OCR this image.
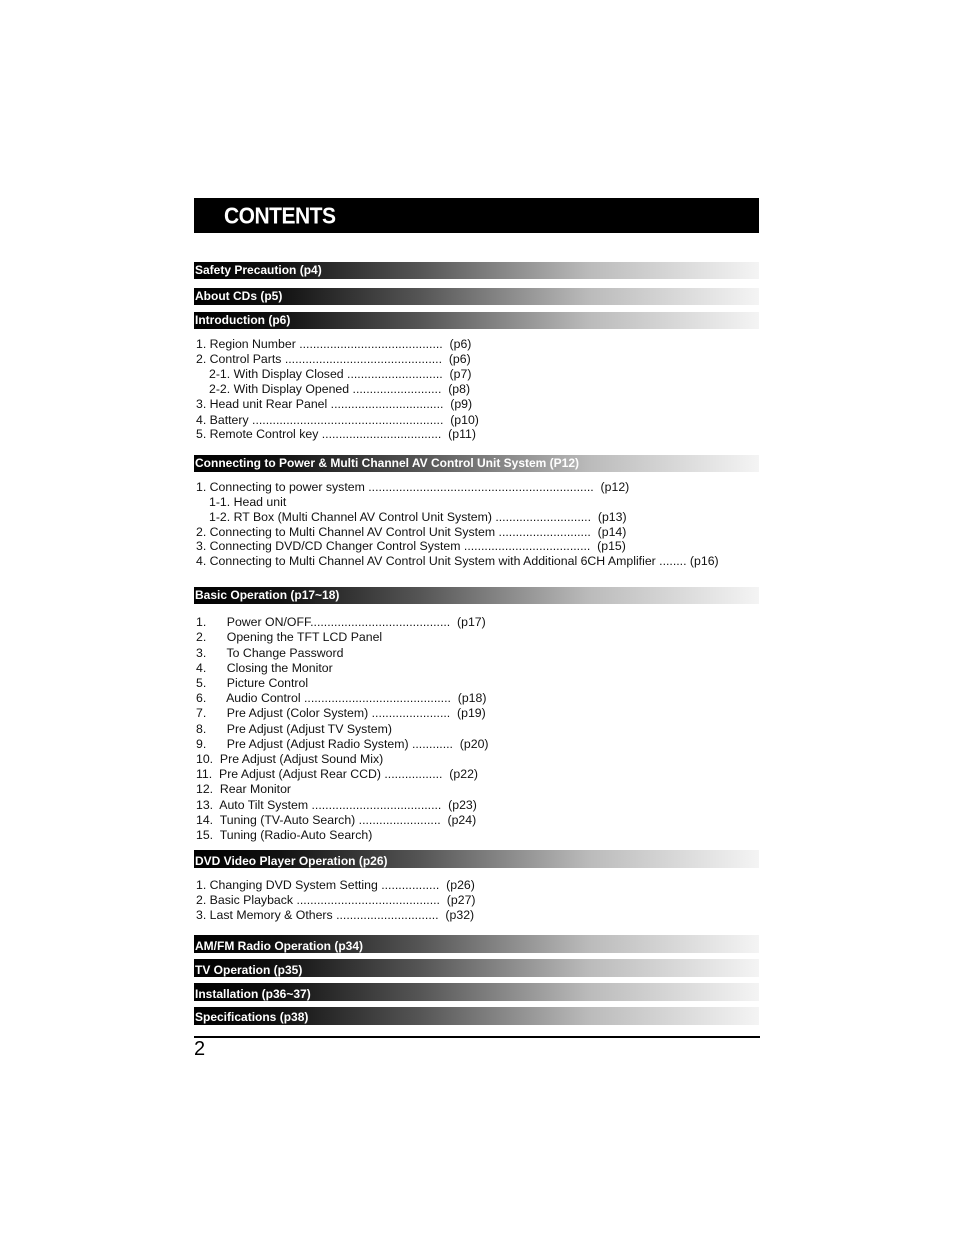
CONTENTS
Safety Precaution (p4)
About CDs (p5)
Introduction (p6)
1. Region Number ..........................................  (p6)
2. Control Parts ..............................................  (p6)
2-1. With Display Closed ............................  (p7)
2-2. With Display Opened ..........................  (p8)
3. Head unit Rear Panel .................................  (p9)
4. Battery ........................................................  (p10)
5. Remote Control key ...................................  (p11)
Connecting to Power & Multi Channel AV Control Unit System (P12)
1. Connecting to power system ..................................................................  (p12)
1-1. Head unit
1-2. RT Box (Multi Channel AV Control Unit System) ............................  (p13)
2. Connecting to Multi Channel AV Control Unit System ...........................  (p14)
3. Connecting DVD/CD Changer Control System .....................................  (p15)
4. Connecting to Multi Channel AV Control Unit System with Additional 6CH Amplifier ........ (p16)
Basic Operation (p17~18)
1.      Power ON/OFF.........................................  (p17)
2.      Opening the TFT LCD Panel
3.      To Change Password
4.      Closing the Monitor
5.      Picture Control
6.      Audio Control ...........................................  (p18)
7.      Pre Adjust (Color System) .......................  (p19)
8.      Pre Adjust (Adjust TV System)
9.      Pre Adjust (Adjust Radio System) ............  (p20)
10.  Pre Adjust (Adjust Sound Mix)
11.  Pre Adjust (Adjust Rear CCD) .................  (p22)
12.  Rear Monitor
13.  Auto Tilt System ......................................  (p23)
14.  Tuning (TV-Auto Search) ........................  (p24)
15.  Tuning (Radio-Auto Search)
DVD Video Player Operation (p26)
1. Changing DVD System Setting .................  (p26)
2. Basic Playback ..........................................  (p27)
3. Last Memory & Others ..............................  (p32)
AM/FM Radio Operation (p34)
TV Operation (p35)
Installation (p36~37)
Specifications (p38)
2
